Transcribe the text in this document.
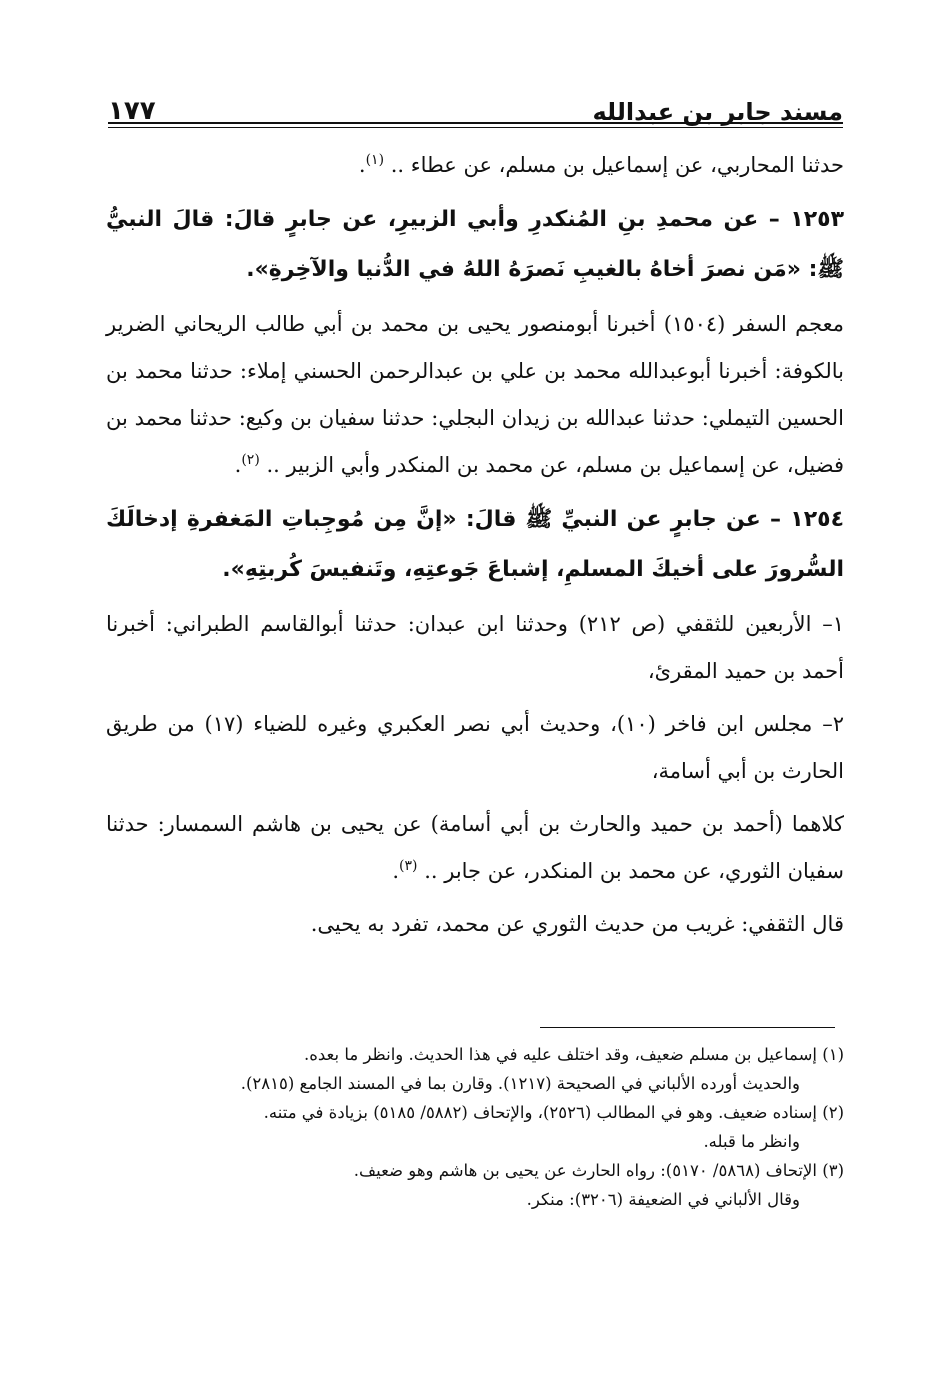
مسند جابر بن عبدالله
١٧٧

حدثنا المحاربي، عن إسماعيل بن مسلم، عن عطاء .. $^{(١)}$.

١٢٥٣ – عن محمدِ بنِ المُنكدرِ وأبي الزبيرِ، عن جابرٍ قالَ: قالَ النبيُّ ﷺ: «مَن نصرَ أخاهُ بالغيبِ نَصرَهُ اللهُ في الدُّنيا والآخِرةِ».

معجم السفر (١٥٠٤) أخبرنا أبومنصور يحيى بن محمد بن أبي طالب الريحاني الضرير بالكوفة: أخبرنا أبوعبدالله محمد بن علي بن عبدالرحمن الحسني إملاء: حدثنا محمد بن الحسين التيملي: حدثنا عبدالله بن زيدان البجلي: حدثنا سفيان بن وكيع: حدثنا محمد بن فضيل، عن إسماعيل بن مسلم، عن محمد بن المنكدر وأبي الزبير .. $^{(٢)}$.

١٢٥٤ – عن جابرٍ عن النبيِّ ﷺ قالَ: «إنَّ مِن مُوجِباتِ المَغفرةِ إدخالَكَ السُّرورَ على أخيكَ المسلمِ، إشباعَ جَوعتِهِ، وتَنفيسَ كُربتِهِ».

١– الأربعين للثقفي (ص ٢١٢) وحدثنا ابن عبدان: حدثنا أبوالقاسم الطبراني: أخبرنا أحمد بن حميد المقرئ،

٢– مجلس ابن فاخر (١٠)، وحديث أبي نصر العكبري وغيره للضياء (١٧) من طريق الحارث بن أبي أسامة،

كلاهما (أحمد بن حميد والحارث بن أبي أسامة) عن يحيى بن هاشم السمسار: حدثنا سفيان الثوري، عن محمد بن المنكدر، عن جابر .. $^{(٣)}$.

قال الثقفي: غريب من حديث الثوري عن محمد، تفرد به يحيى.

(١) إسماعيل بن مسلم ضعيف، وقد اختلف عليه في هذا الحديث. وانظر ما بعده.

والحديث أورده الألباني في الصحيحة (١٢١٧). وقارن بما في المسند الجامع (٢٨١٥).

(٢) إسناده ضعيف. وهو في المطالب (٢٥٢٦)، والإتحاف (٥٨٨٢/ ٥١٨٥) بزيادة في متنه.

وانظر ما قبله.

(٣) الإتحاف (٥٨٦٨/ ٥١٧٠): رواه الحارث عن يحيى بن هاشم وهو ضعيف.

وقال الألباني في الضعيفة (٣٢٠٦): منكر.
